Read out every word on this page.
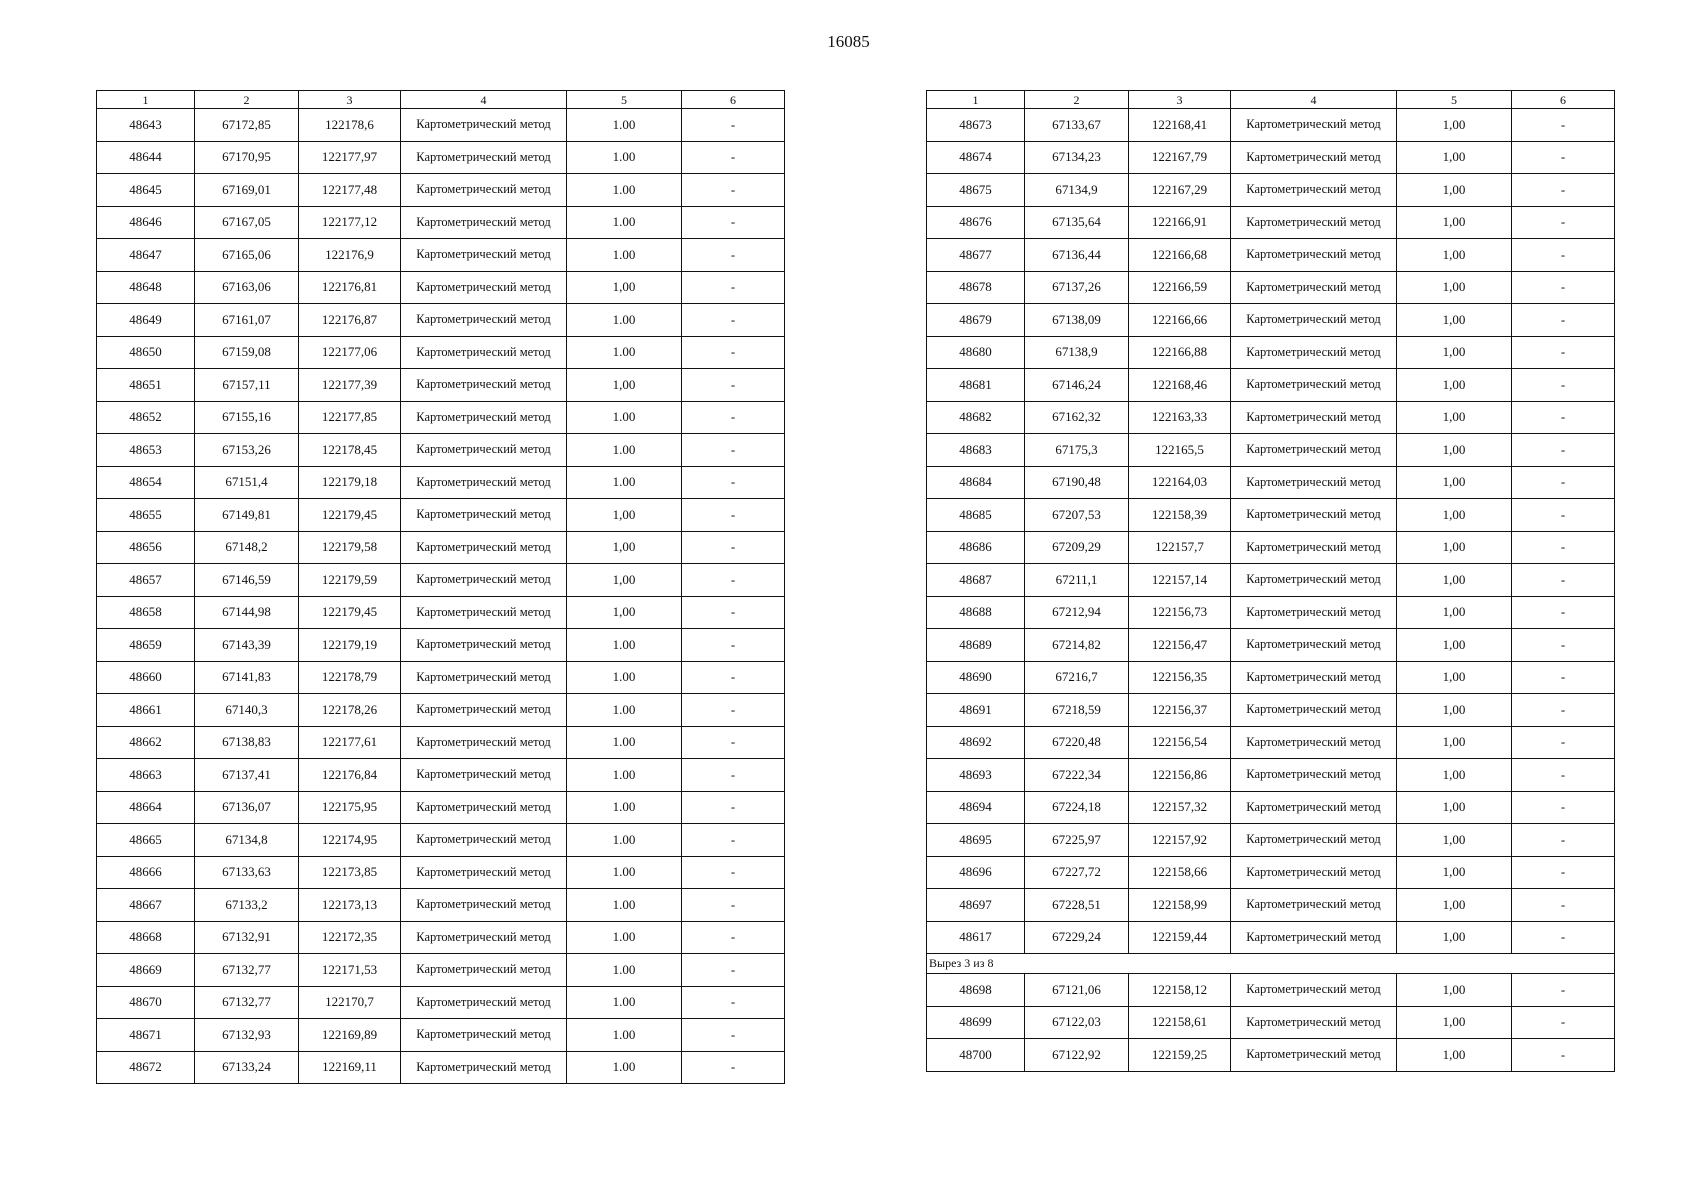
16085
1	2	3	4	5	6
48643	67172,85	122178,6	Картометрический метод	1.00	-
48644	67170,95	122177,97	Картометрический метод	1.00	-
48645	67169,01	122177,48	Картометрический метод	1.00	-
48646	67167,05	122177,12	Картометрический метод	1.00	-
48647	67165,06	122176,9	Картометрический метод	1.00	-
48648	67163,06	122176,81	Картометрический метод	1,00	-
48649	67161,07	122176,87	Картометрический метод	1.00	-
48650	67159,08	122177,06	Картометрический метод	1.00	-
48651	67157,11	122177,39	Картометрический метод	1,00	-
48652	67155,16	122177,85	Картометрический метод	1.00	-
48653	67153,26	122178,45	Картометрический метод	1.00	-
48654	67151,4	122179,18	Картометрический метод	1.00	-
48655	67149,81	122179,45	Картометрический метод	1,00	-
48656	67148,2	122179,58	Картометрический метод	1,00	-
48657	67146,59	122179,59	Картометрический метод	1,00	-
48658	67144,98	122179,45	Картометрический метод	1,00	-
48659	67143,39	122179,19	Картометрический метод	1.00	-
48660	67141,83	122178,79	Картометрический метод	1.00	-
48661	67140,3	122178,26	Картометрический метод	1.00	-
48662	67138,83	122177,61	Картометрический метод	1.00	-
48663	67137,41	122176,84	Картометрический метод	1.00	-
48664	67136,07	122175,95	Картометрический метод	1.00	-
48665	67134,8	122174,95	Картометрический метод	1.00	-
48666	67133,63	122173,85	Картометрический метод	1.00	-
48667	67133,2	122173,13	Картометрический метод	1.00	-
48668	67132,91	122172,35	Картометрический метод	1.00	-
48669	67132,77	122171,53	Картометрический метод	1.00	-
48670	67132,77	122170,7	Картометрический метод	1.00	-
48671	67132,93	122169,89	Картометрический метод	1.00	-
48672	67133,24	122169,11	Картометрический метод	1.00	-
1	2	3	4	5	6
48673	67133,67	122168,41	Картометрический метод	1,00	-
48674	67134,23	122167,79	Картометрический метод	1,00	-
48675	67134,9	122167,29	Картометрический метод	1,00	-
48676	67135,64	122166,91	Картометрический метод	1,00	-
48677	67136,44	122166,68	Картометрический метод	1,00	-
48678	67137,26	122166,59	Картометрический метод	1,00	-
48679	67138,09	122166,66	Картометрический метод	1,00	-
48680	67138,9	122166,88	Картометрический метод	1,00	-
48681	67146,24	122168,46	Картометрический метод	1,00	-
48682	67162,32	122163,33	Картометрический метод	1,00	-
48683	67175,3	122165,5	Картометрический метод	1,00	-
48684	67190,48	122164,03	Картометрический метод	1,00	-
48685	67207,53	122158,39	Картометрический метод	1,00	-
48686	67209,29	122157,7	Картометрический метод	1,00	-
48687	67211,1	122157,14	Картометрический метод	1,00	-
48688	67212,94	122156,73	Картометрический метод	1,00	-
48689	67214,82	122156,47	Картометрический метод	1,00	-
48690	67216,7	122156,35	Картометрический метод	1,00	-
48691	67218,59	122156,37	Картометрический метод	1,00	-
48692	67220,48	122156,54	Картометрический метод	1,00	-
48693	67222,34	122156,86	Картометрический метод	1,00	-
48694	67224,18	122157,32	Картометрический метод	1,00	-
48695	67225,97	122157,92	Картометрический метод	1,00	-
48696	67227,72	122158,66	Картометрический метод	1,00	-
48697	67228,51	122158,99	Картометрический метод	1,00	-
48617	67229,24	122159,44	Картометрический метод	1,00	-
Вырез 3 из 8					
48698	67121,06	122158,12	Картометрический метод	1,00	-
48699	67122,03	122158,61	Картометрический метод	1,00	-
48700	67122,92	122159,25	Картометрический метод	1,00	-
